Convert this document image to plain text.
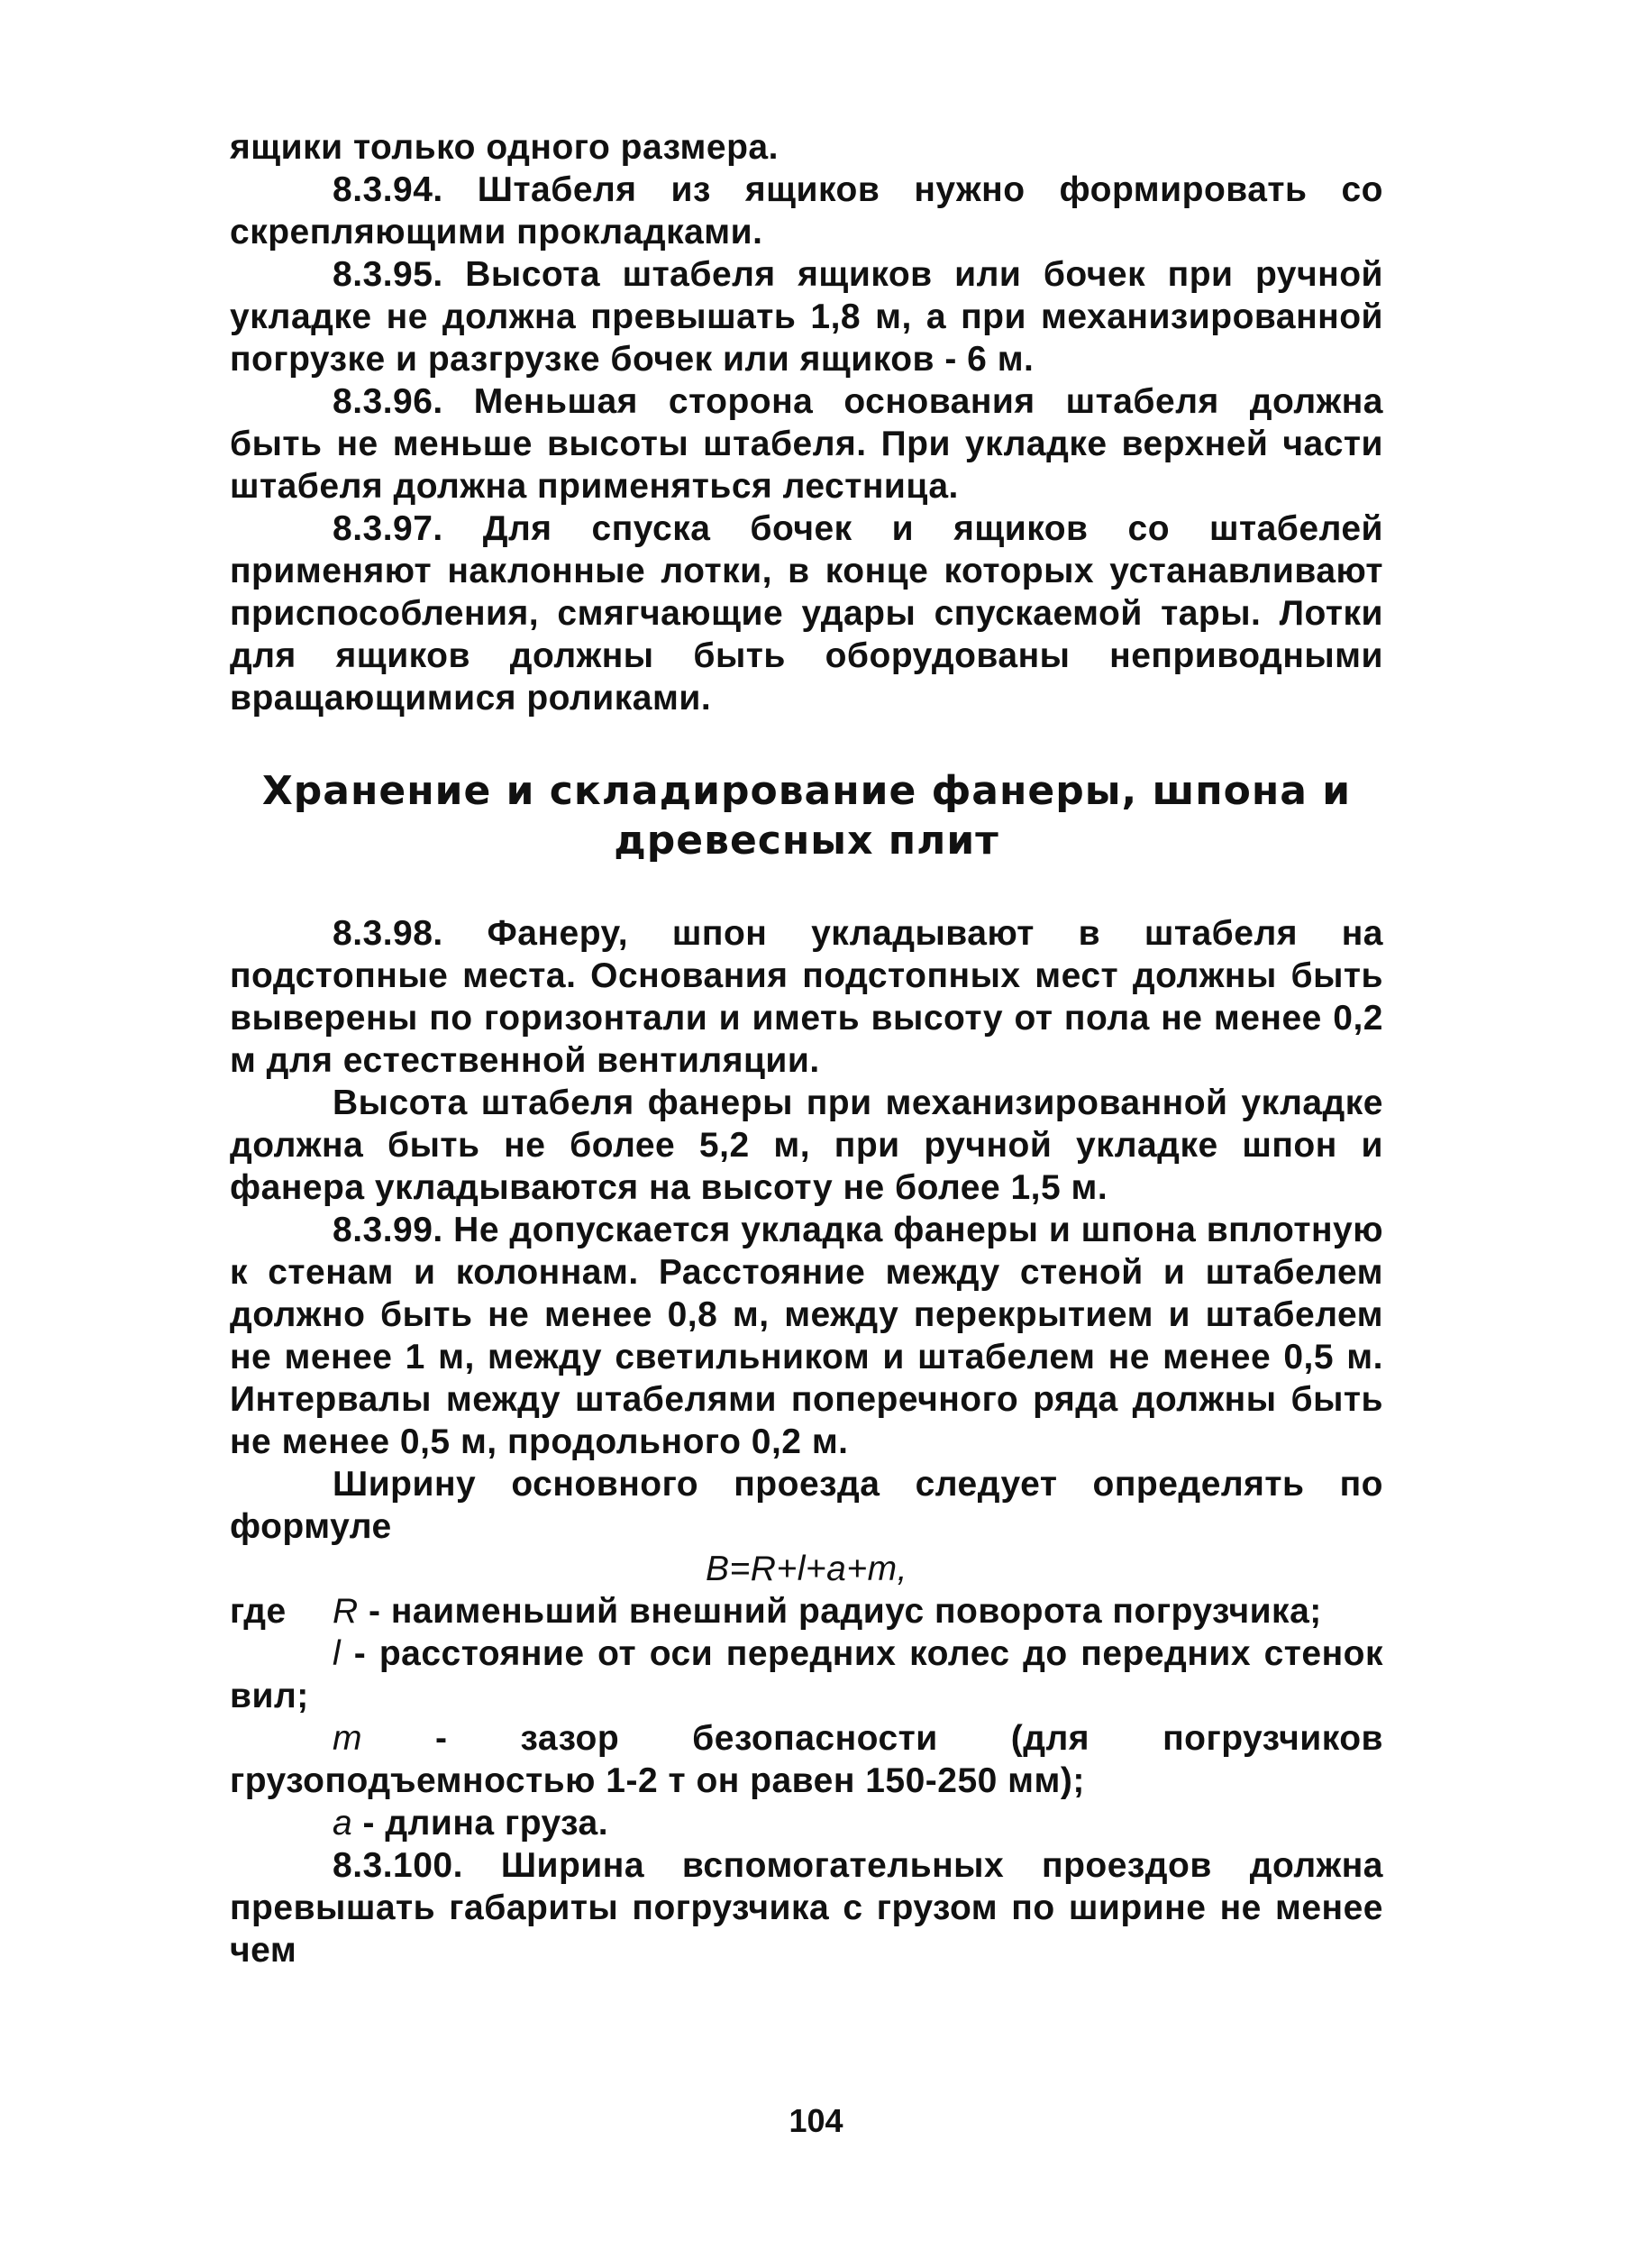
ящики только одного размера.

8.3.94. Штабеля из ящиков нужно формировать со скрепляющими прокладками.

8.3.95. Высота штабеля ящиков или бочек при ручной укладке не должна превышать 1,8 м, а при механизированной погрузке и разгрузке бочек или ящиков - 6 м.

8.3.96. Меньшая сторона основания штабеля должна быть не меньше высоты штабеля. При укладке верхней части штабеля должна применяться лестница.

8.3.97. Для спуска бочек и ящиков со штабелей применяют наклонные лотки, в конце которых устанавливают приспособления, смягчающие удары спускаемой тары. Лотки для ящиков должны быть оборудованы неприводными вращающимися роликами.

Хранение и складирование фанеры, шпона и
древесных плит

8.3.98. Фанеру, шпон укладывают в штабеля на подстопные места. Основания подстопных мест должны быть выверены по горизонтали и иметь высоту от пола не менее 0,2 м для естественной вентиляции.

Высота штабеля фанеры при механизированной укладке должна быть не более 5,2 м, при ручной укладке шпон и фанера укладываются на высоту не более 1,5 м.

8.3.99. Не допускается укладка фанеры и шпона вплотную к стенам и колоннам. Расстояние между стеной и штабелем должно быть не менее 0,8 м, между перекрытием и штабелем не менее 1 м, между светильником и штабелем не менее 0,5 м. Интервалы между штабелями поперечного ряда должны быть не менее 0,5 м, продольного 0,2 м.

Ширину основного проезда следует определять по формуле

B=R+l+a+m,

где R - наименьший внешний радиус поворота погрузчика;

l - расстояние от оси передних колес до передних стенок вил;

m - зазор безопасности (для погрузчиков грузоподъемностью 1-2 т он равен 150-250 мм);

a - длина груза.

8.3.100. Ширина вспомогательных проездов должна превышать габариты погрузчика с грузом по ширине не менее чем

104
